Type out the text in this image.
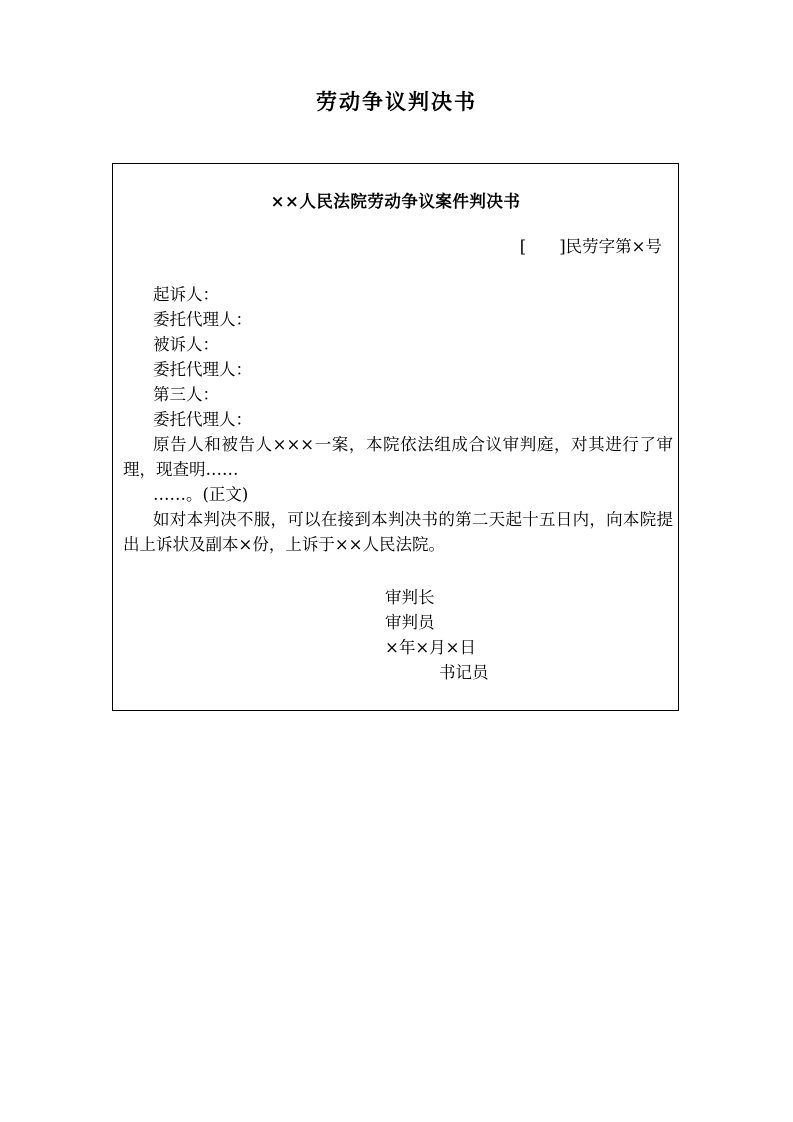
劳动争议判决书
××人民法院劳动争议案件判决书
[　　]民劳字第×号
起诉人：
委托代理人：
被诉人：
委托代理人：
第三人：
委托代理人：
原告人和被告人×××一案，本院依法组成合议审判庭，对其进行了审理，现查明……
……。(正文)
如对本判决不服，可以在接到本判决书的第二天起十五日内，向本院提出上诉状及副本×份，上诉于××人民法院。
审判长
审判员
×年×月×日
书记员
